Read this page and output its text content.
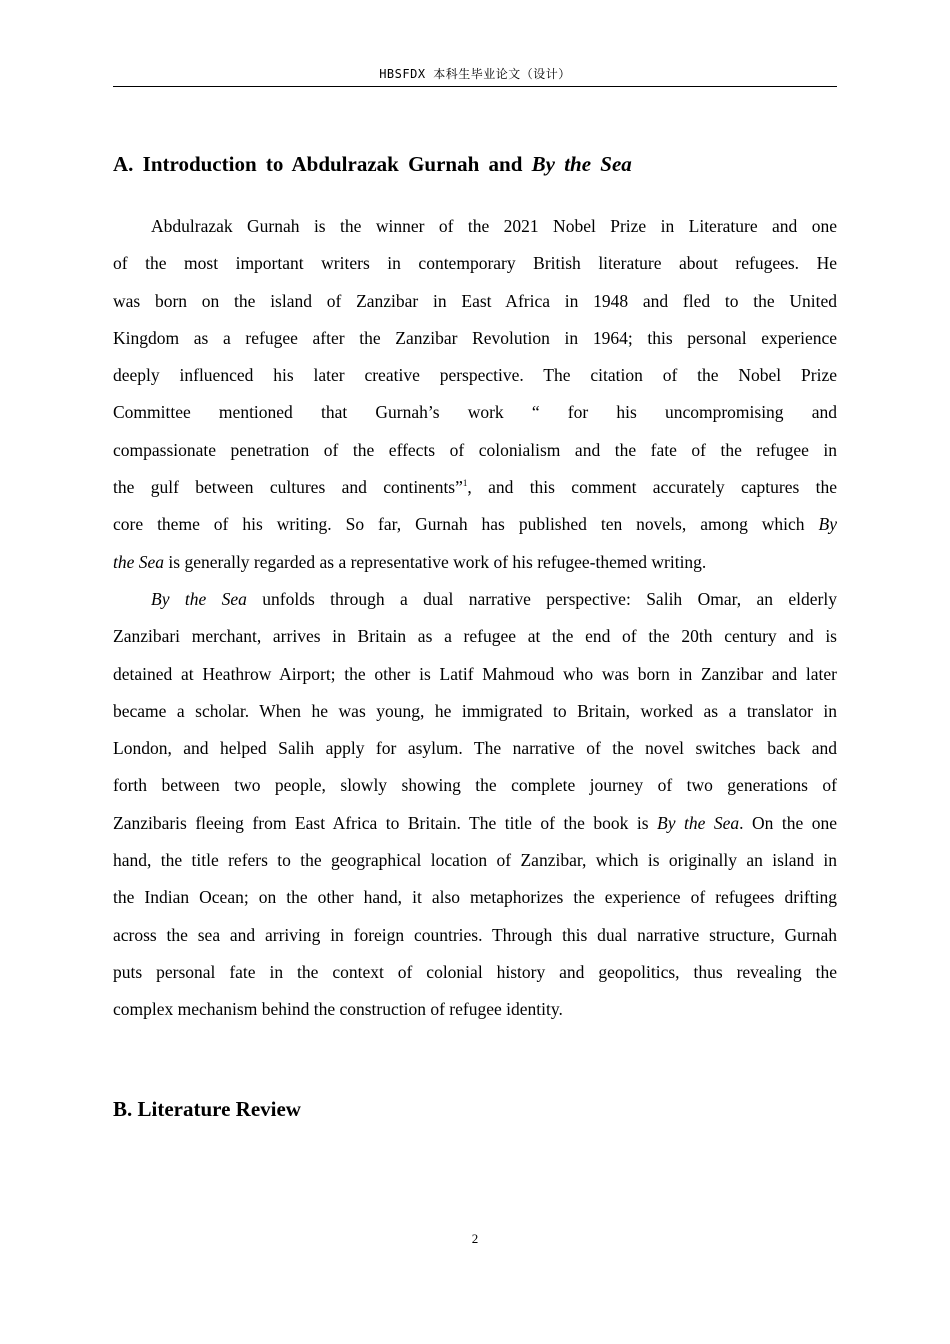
HBSFDX 本科生毕业论文（设计）
A. Introduction to Abdulrazak Gurnah and By the Sea
Abdulrazak Gurnah is the winner of the 2021 Nobel Prize in Literature and one
of the most important writers in contemporary British literature about refugees. He
was born on the island of Zanzibar in East Africa in 1948 and fled to the United
Kingdom as a refugee after the Zanzibar Revolution in 1964; this personal experience
deeply influenced his later creative perspective. The citation of the Nobel Prize
Committee mentioned that Gurnah’s work “ for his uncompromising and
compassionate penetration of the effects of colonialism and the fate of the refugee in
the gulf between cultures and continents”$^1$, and this comment accurately captures the
core theme of his writing. So far, Gurnah has published ten novels, among which By
the Sea is generally regarded as a representative work of his refugee-themed writing.
By the Sea unfolds through a dual narrative perspective: Salih Omar, an elderly
Zanzibari merchant, arrives in Britain as a refugee at the end of the 20th century and is
detained at Heathrow Airport; the other is Latif Mahmoud who was born in Zanzibar and later
became a scholar. When he was young, he immigrated to Britain, worked as a translator in
London, and helped Salih apply for asylum. The narrative of the novel switches back and
forth between two people, slowly showing the complete journey of two generations of
Zanzibaris fleeing from East Africa to Britain. The title of the book is By the Sea. On the one
hand, the title refers to the geographical location of Zanzibar, which is originally an island in
the Indian Ocean; on the other hand, it also metaphorizes the experience of refugees drifting
across the sea and arriving in foreign countries. Through this dual narrative structure, Gurnah
puts personal fate in the context of colonial history and geopolitics, thus revealing the
complex mechanism behind the construction of refugee identity.
B. Literature Review
2
